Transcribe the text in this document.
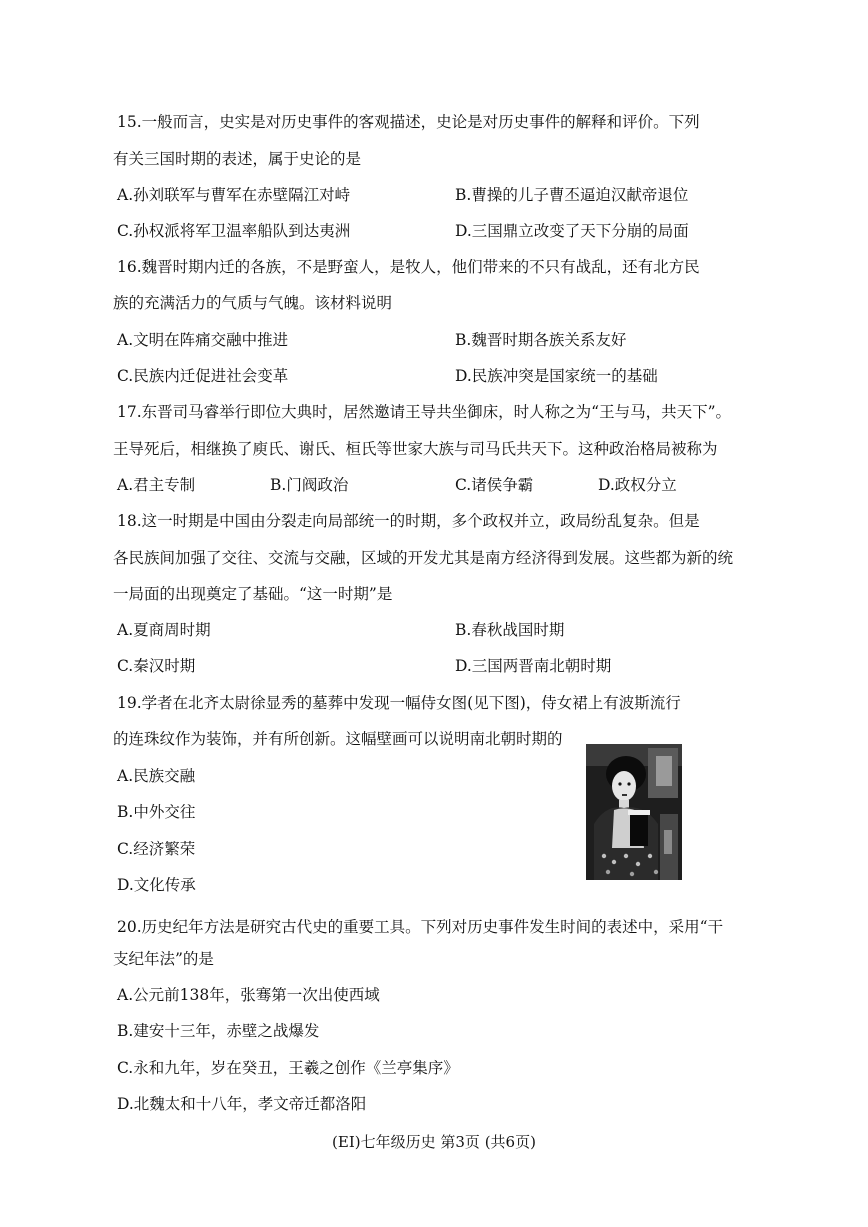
15.一般而言，史实是对历史事件的客观描述，史论是对历史事件的解释和评价。下列
有关三国时期的表述，属于史论的是
A.孙刘联军与曹军在赤壁隔江对峙	B.曹操的儿子曹丕逼迫汉献帝退位
C.孙权派将军卫温率船队到达夷洲	D.三国鼎立改变了天下分崩的局面
16.魏晋时期内迁的各族，不是野蛮人，是牧人，他们带来的不只有战乱，还有北方民
族的充满活力的气质与气魄。该材料说明
A.文明在阵痛交融中推进	B.魏晋时期各族关系友好
C.民族内迁促进社会变革	D.民族冲突是国家统一的基础
17.东晋司马睿举行即位大典时，居然邀请王导共坐御床，时人称之为“王与马，共天下”。
王导死后，相继换了庾氏、谢氏、桓氏等世家大族与司马氏共天下。这种政治格局被称为
A.君主专制	B.门阀政治	C.诸侯争霸	D.政权分立
18.这一时期是中国由分裂走向局部统一的时期，多个政权并立，政局纷乱复杂。但是
各民族间加强了交往、交流与交融，区域的开发尤其是南方经济得到发展。这些都为新的统
一局面的出现奠定了基础。“这一时期”是
A.夏商周时期	B.春秋战国时期
C.秦汉时期	D.三国两晋南北朝时期
19.学者在北齐太尉徐显秀的墓葬中发现一幅侍女图(见下图)，侍女裙上有波斯流行
的连珠纹作为装饰，并有所创新。这幅壁画可以说明南北朝时期的
A.民族交融
B.中外交往
C.经济繁荣
D.文化传承
20.历史纪年方法是研究古代史的重要工具。下列对历史事件发生时间的表述中，采用“干
支纪年法”的是
A.公元前138年，张骞第一次出使西域
B.建安十三年，赤壁之战爆发
C.永和九年，岁在癸丑，王羲之创作《兰亭集序》
D.北魏太和十八年，孝文帝迁都洛阳
(EI)七年级历史 第3页 (共6页)
